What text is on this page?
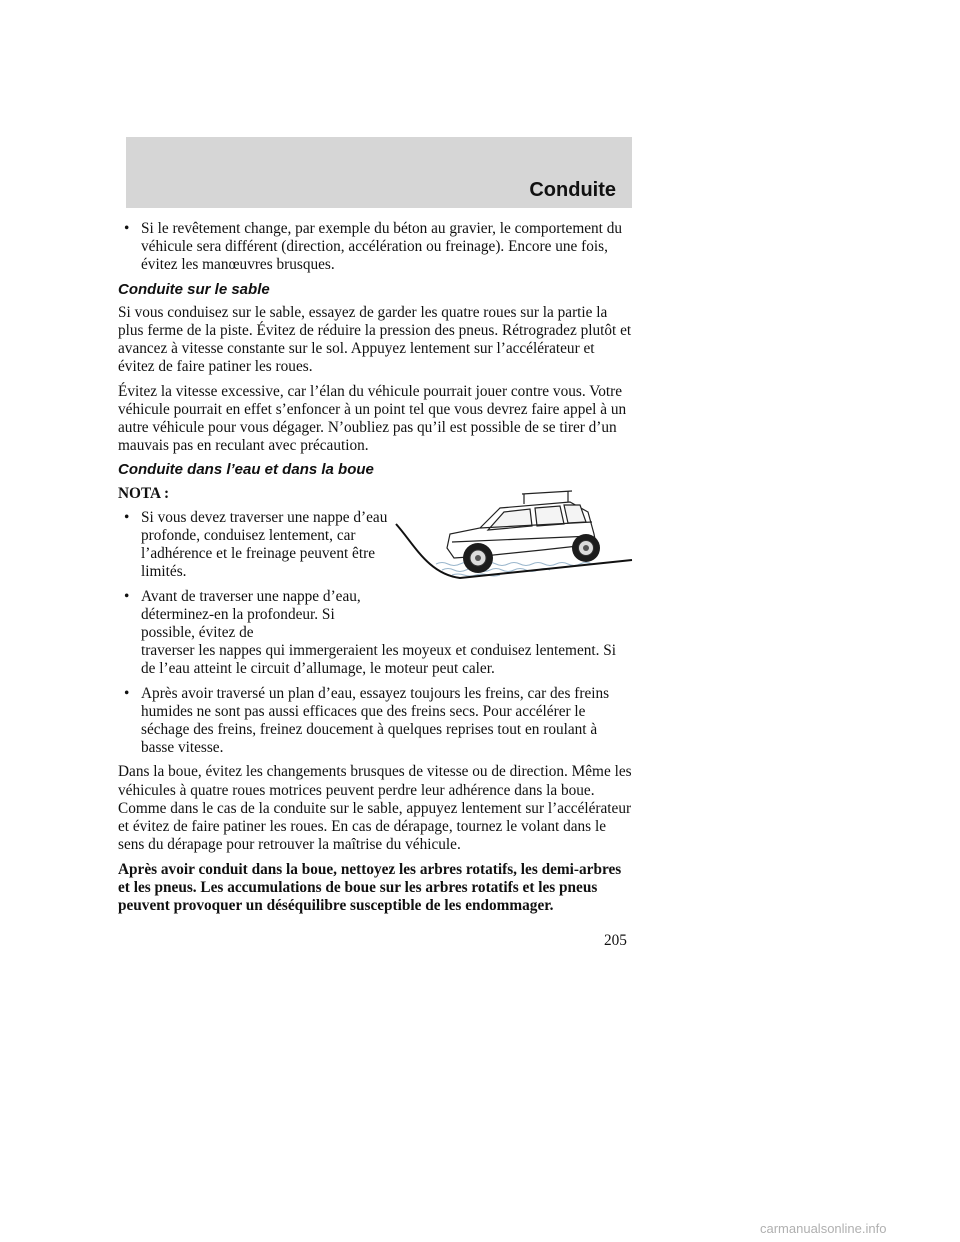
Conduite
• Si le revêtement change, par exemple du béton au gravier, le comportement du véhicule sera différent (direction, accélération ou freinage). Encore une fois, évitez les manœuvres brusques.
Conduite sur le sable

Si vous conduisez sur le sable, essayez de garder les quatre roues sur la partie la plus ferme de la piste. Évitez de réduire la pression des pneus. Rétrogradez plutôt et avancez à vitesse constante sur le sol. Appuyez lentement sur l’accélérateur et évitez de faire patiner les roues.

Évitez la vitesse excessive, car l’élan du véhicule pourrait jouer contre vous. Votre véhicule pourrait en effet s’enfoncer à un point tel que vous devrez faire appel à un autre véhicule pour vous dégager. N’oubliez pas qu’il est possible de se tirer d’un mauvais pas en reculant avec précaution.

Conduite dans l’eau et dans la boue

NOTA :

• Si vous devez traverser une nappe d’eau profonde, conduisez lentement, car l’adhérence et le freinage peuvent être limités.
• Avant de traverser une nappe d’eau, déterminez-en la profondeur. Si possible, évitez de
traverser les nappes qui immergeraient les moyeux et conduisez lentement. Si de l’eau atteint le circuit d’allumage, le moteur peut caler.
• Après avoir traversé un plan d’eau, essayez toujours les freins, car des freins humides ne sont pas aussi efficaces que des freins secs. Pour accélérer le séchage des freins, freinez doucement à quelques reprises tout en roulant à basse vitesse.

Dans la boue, évitez les changements brusques de vitesse ou de direction. Même les véhicules à quatre roues motrices peuvent perdre leur adhérence dans la boue. Comme dans le cas de la conduite sur le sable, appuyez lentement sur l’accélérateur et évitez de faire patiner les roues. En cas de dérapage, tournez le volant dans le sens du dérapage pour retrouver la maîtrise du véhicule.

Après avoir conduit dans la boue, nettoyez les arbres rotatifs, les demi-arbres et les pneus. Les accumulations de boue sur les arbres rotatifs et les pneus peuvent provoquer un déséquilibre susceptible de les endommager.

205
carmanualsonline.info
